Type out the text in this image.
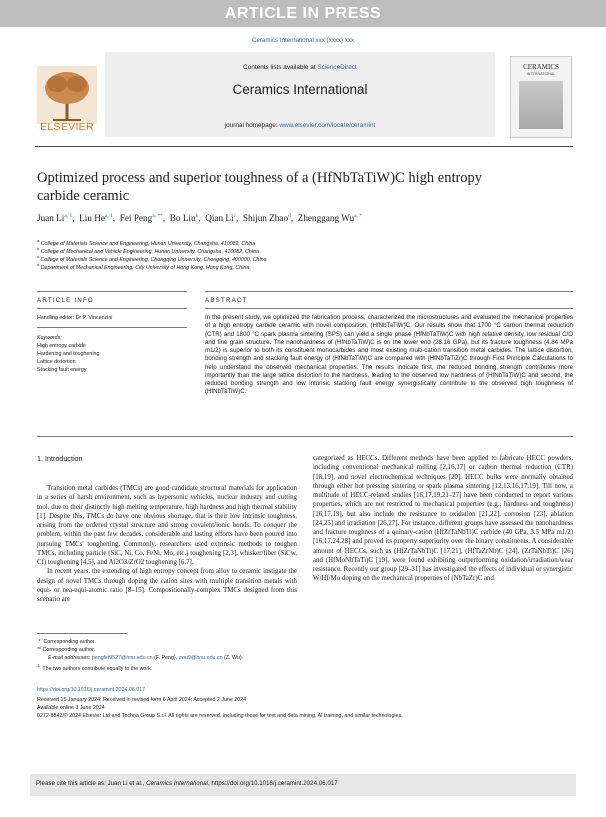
ARTICLE IN PRESS
Ceramics International xxx (xxxx) xxx
ELSEVIER
Contents lists available at ScienceDirect
Ceramics International
journal homepage: www.elsevier.com/locate/ceramint
CERAMICS
INTERNATIONAL
Optimized process and superior toughness of a (HfNbTaTiW)C high entropy carbide ceramic
Juan Li$^{a, 1}$,  Liu He$^{a, 1}$,  Fei Peng$^{a, **}$,  Bo Liu$^b$,  Qian Li$^c$,  Shijun Zhao$^d$,  Zhenggang $Wu^{a, *}$
$^a$ College of Materials Science and Engineering, Hunan University, Changsha, 410082, China
$^b$ College of Mechanical and Vehicle Engineering, Hunan University, Changsha, 410082, China
$^c$ College of Materials Science and Engineering, Chongqing University, Chongqing, 400000, China
$^d$ Department of Mechanical Engineering, City University of Hong Kong, Hong Kong, China
ARTICLE INFO	ABSTRACT
Handling editor: Dr P. Vincenzini
Keywords:
High entropy carbide
Hardening and toughening
Lattice distortion
Stacking fault energy
In the present study, we optimized the fabrication process, characterized the microstructures and evaluated the mechanical properties of a high entropy carbide ceramic with novel composition, (HfNbTaTiW)C. Our results show that 1700 °C carbon thermal reduction (CTR) and 1800 °C spark plasma sintering (SPS) can yield a single phase (HfNbTaTiW)C with high relative density, low residual C/O and fine grain structure. The nanohardness of (HfNbTaTiW)C is on the lower end (28.16 GPa), but its fracture toughness (4.84 MPa m1/2) is superior to both its constituent monocarbides and most existing multi-cation transition metal carbides. The lattice distortion, bonding strength and stacking fault energy of (HfNbTaTiW)C are compared with (HfNbTaTiZr)C through First Principle Calculations to help understand the observed mechanical properties. The results indicate first, the reduced bonding strength contributes more importantly than the large lattice distortion to the hardness, leading to the observed low hardness of (HfNbTaTiW)C and second, the reduced bonding strength and low intrinsic stacking fault energy synergistically contribute to the observed high toughness of (HfNbTaTiW)C.
1. Introduction

Transition metal carbides (TMCs) are good candidate structural materials for application in a series of harsh environment, such as hypersonic vehicles, nuclear industry and cutting tool, due to their distinctly high melting temperature, high hardness and high thermal stability [1]. Despite this, TMCs do have one obvious shortage, that is their low intrinsic toughness, arising from the ordered crystal structure and strong covalent/ionic bonds. To conquer the problem, within the past few decades, considerable and lasting efforts have been poured into pursuing TMCs' toughening. Commonly, researchers used extrinsic methods to toughen TMCs, including particle (SiC, Ni, Co, FeNi, Mo, etc.) toughening [2,3], whisker/fiber (SiCw, Cf) toughening [4,5], and Al2O3/ZrO2 toughening [6,7].

In recent years, the extending of high entropy concept from alloy to ceramic instigate the design of novel TMCs through doping the cation sites with multiple transition metals with equi- or nea-equi-atomic ratio [8–15]. Compositionally-complex TMCs designed from this scenario are

categorized as HECCs. Different methods have been applied to fabricate HECC powders, including conventional mechanical milling [2,16,17] or carbon thermal reduction (CTR) [18,19], and novel electrochemical techniques [20]. HECC bulks were normally obtained through either hot pressing sintering or spark plasma sintering [12,13,16,17,19]. Till now, a multitude of HECC-related studies [16,17,19,21–27] have been conducted to report various properties, which are not restricted to mechanical properties (e.g., hardness and toughness) [16,17,19], but also include the resistance to oxidation [21,22], corrosion [23], ablation [24,25] and irradiation [26,27]. For instance, different groups have assessed the nanohardness and fracture toughness of a quinary-cation (HfZrTaNbTi)C carbide (40 GPa, 3.5 MPa m1/2) [16,17,24,28] and proved its property superiority over the binary constituents. A considerable amount of HECCs, such as (HfZrTaNbTi)C [17,21], (HfTaZrNb)C [24], (ZrTaNbTi)C [26] and (HfMoNbTaTi)C [19], were found exhibiting outperforming oxidation/irradiation/wear resistance. Recently our group [29–31] has investigated the effects of individual or synergistic W/Hf/Mo doping on the mechanical properties of (NbTaZr)C and

*  Corresponding author.
** Corresponding author.
E-mail addresses: pengfei9527@hnu.edu.cn (F. Peng), zwu9@hnu.edu.cn (Z. Wu).
$^1$  The two authors contribute equally to the work.
https://doi.org/10.1016/j.ceramint.2024.06.017
Received 15 January 2024; Received in revised form 6 April 2024; Accepted 2 June 2024
Available online 3 June 2024
0272-8842/© 2024 Elsevier Ltd and Techna Group S.r.l. All rights are reserved, including those for text and data mining, AI training, and similar technologies.
Please cite this article as: Juan Li et al., Ceramics International, https://doi.org/10.1016/j.ceramint.2024.06.017
